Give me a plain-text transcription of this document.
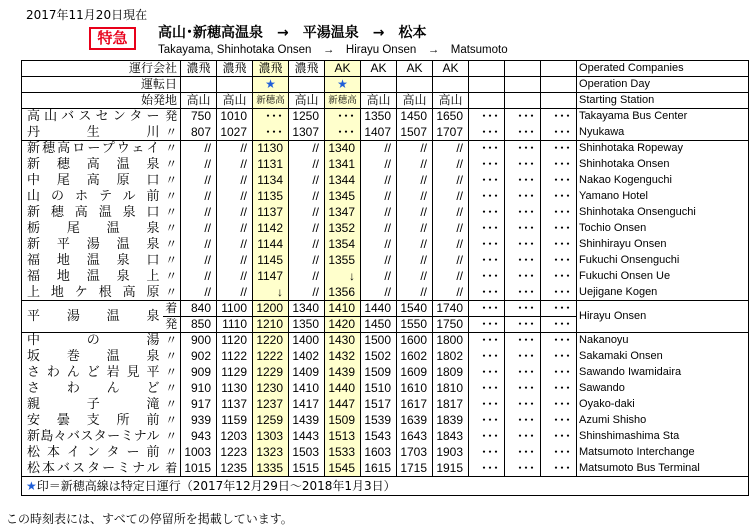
2017年11月20日現在
特急	高山･新穂高温泉　→　平湯温泉　→　松本
Takayama, Shinhotaka Onsen　→　Hirayu Onsen　→　Matsumoto
運行会社		濃飛	濃飛	濃飛	濃飛	AK	AK	AK	AK				Operated Companies
運転日				★		★							Operation Day
始発地		高山	高山	新穂高	高山	新穂高	高山	高山	高山				Starting Station

高山バスセンター	発	750	1010	･･･	1250	･･･	1350	1450	1650	･･･	･･･	･･･	Takayama Bus Center

丹生川	〃	807	1027	･･･	1307	･･･	1407	1507	1707	･･･	･･･	･･･	Nyukawa

新穂高ロープウェイ	〃	//	//	1130	//	1340	//	//	//	･･･	･･･	･･･	Shinhotaka Ropeway

新穂高温泉	〃	//	//	1131	//	1341	//	//	//	･･･	･･･	･･･	Shinhotaka Onsen

中尾高原口	〃	//	//	1134	//	1344	//	//	//	･･･	･･･	･･･	Nakao Kogenguchi

山のホテル前	〃	//	//	1135	//	1345	//	//	//	･･･	･･･	･･･	Yamano Hotel

新穂高温泉口	〃	//	//	1137	//	1347	//	//	//	･･･	･･･	･･･	Shinhotaka Onsenguchi

栃尾温泉	〃	//	//	1142	//	1352	//	//	//	･･･	･･･	･･･	Tochio Onsen

新平湯温泉	〃	//	//	1144	//	1354	//	//	//	･･･	･･･	･･･	Shinhirayu Onsen

福地温泉口	〃	//	//	1145	//	1355	//	//	//	･･･	･･･	･･･	Fukuchi Onsenguchi

福地温泉上	〃	//	//	1147	//	↓	//	//	//	･･･	･･･	･･･	Fukuchi Onsen Ue

上地ケ根高原	〃	//	//	↓	//	1356	//	//	//	･･･	･･･	･･･	Uejigane Kogen

平湯温泉	着	840	1100	1200	1340	1410	1440	1540	1740	･･･	･･･	･･･	Hirayu Onsen
	発	850	1110	1210	1350	1420	1450	1550	1750	･･･	･･･	･･･	

中の湯	〃	900	1120	1220	1400	1430	1500	1600	1800	･･･	･･･	･･･	Nakanoyu

坂巻温泉	〃	902	1122	1222	1402	1432	1502	1602	1802	･･･	･･･	･･･	Sakamaki Onsen

さわんど岩見平	〃	909	1129	1229	1409	1439	1509	1609	1809	･･･	･･･	･･･	Sawando Iwamidaira

さわんど	〃	910	1130	1230	1410	1440	1510	1610	1810	･･･	･･･	･･･	Sawando

親子滝	〃	917	1137	1237	1417	1447	1517	1617	1817	･･･	･･･	･･･	Oyako-daki

安曇支所前	〃	939	1159	1259	1439	1509	1539	1639	1839	･･･	･･･	･･･	Azumi Shisho

新島々バスターミナル	〃	943	1203	1303	1443	1513	1543	1643	1843	･･･	･･･	･･･	Shinshimashima Sta

松本インター前	〃	1003	1223	1323	1503	1533	1603	1703	1903	･･･	･･･	･･･	Matsumoto Interchange

松本バスターミナル	着	1015	1235	1335	1515	1545	1615	1715	1915	･･･	･･･	･･･	Matsumoto Bus Terminal
★印＝新穂高線は特定日運行（2017年12月29日～2018年1月3日）													
この時刻表には、すべての停留所を掲載しています。
